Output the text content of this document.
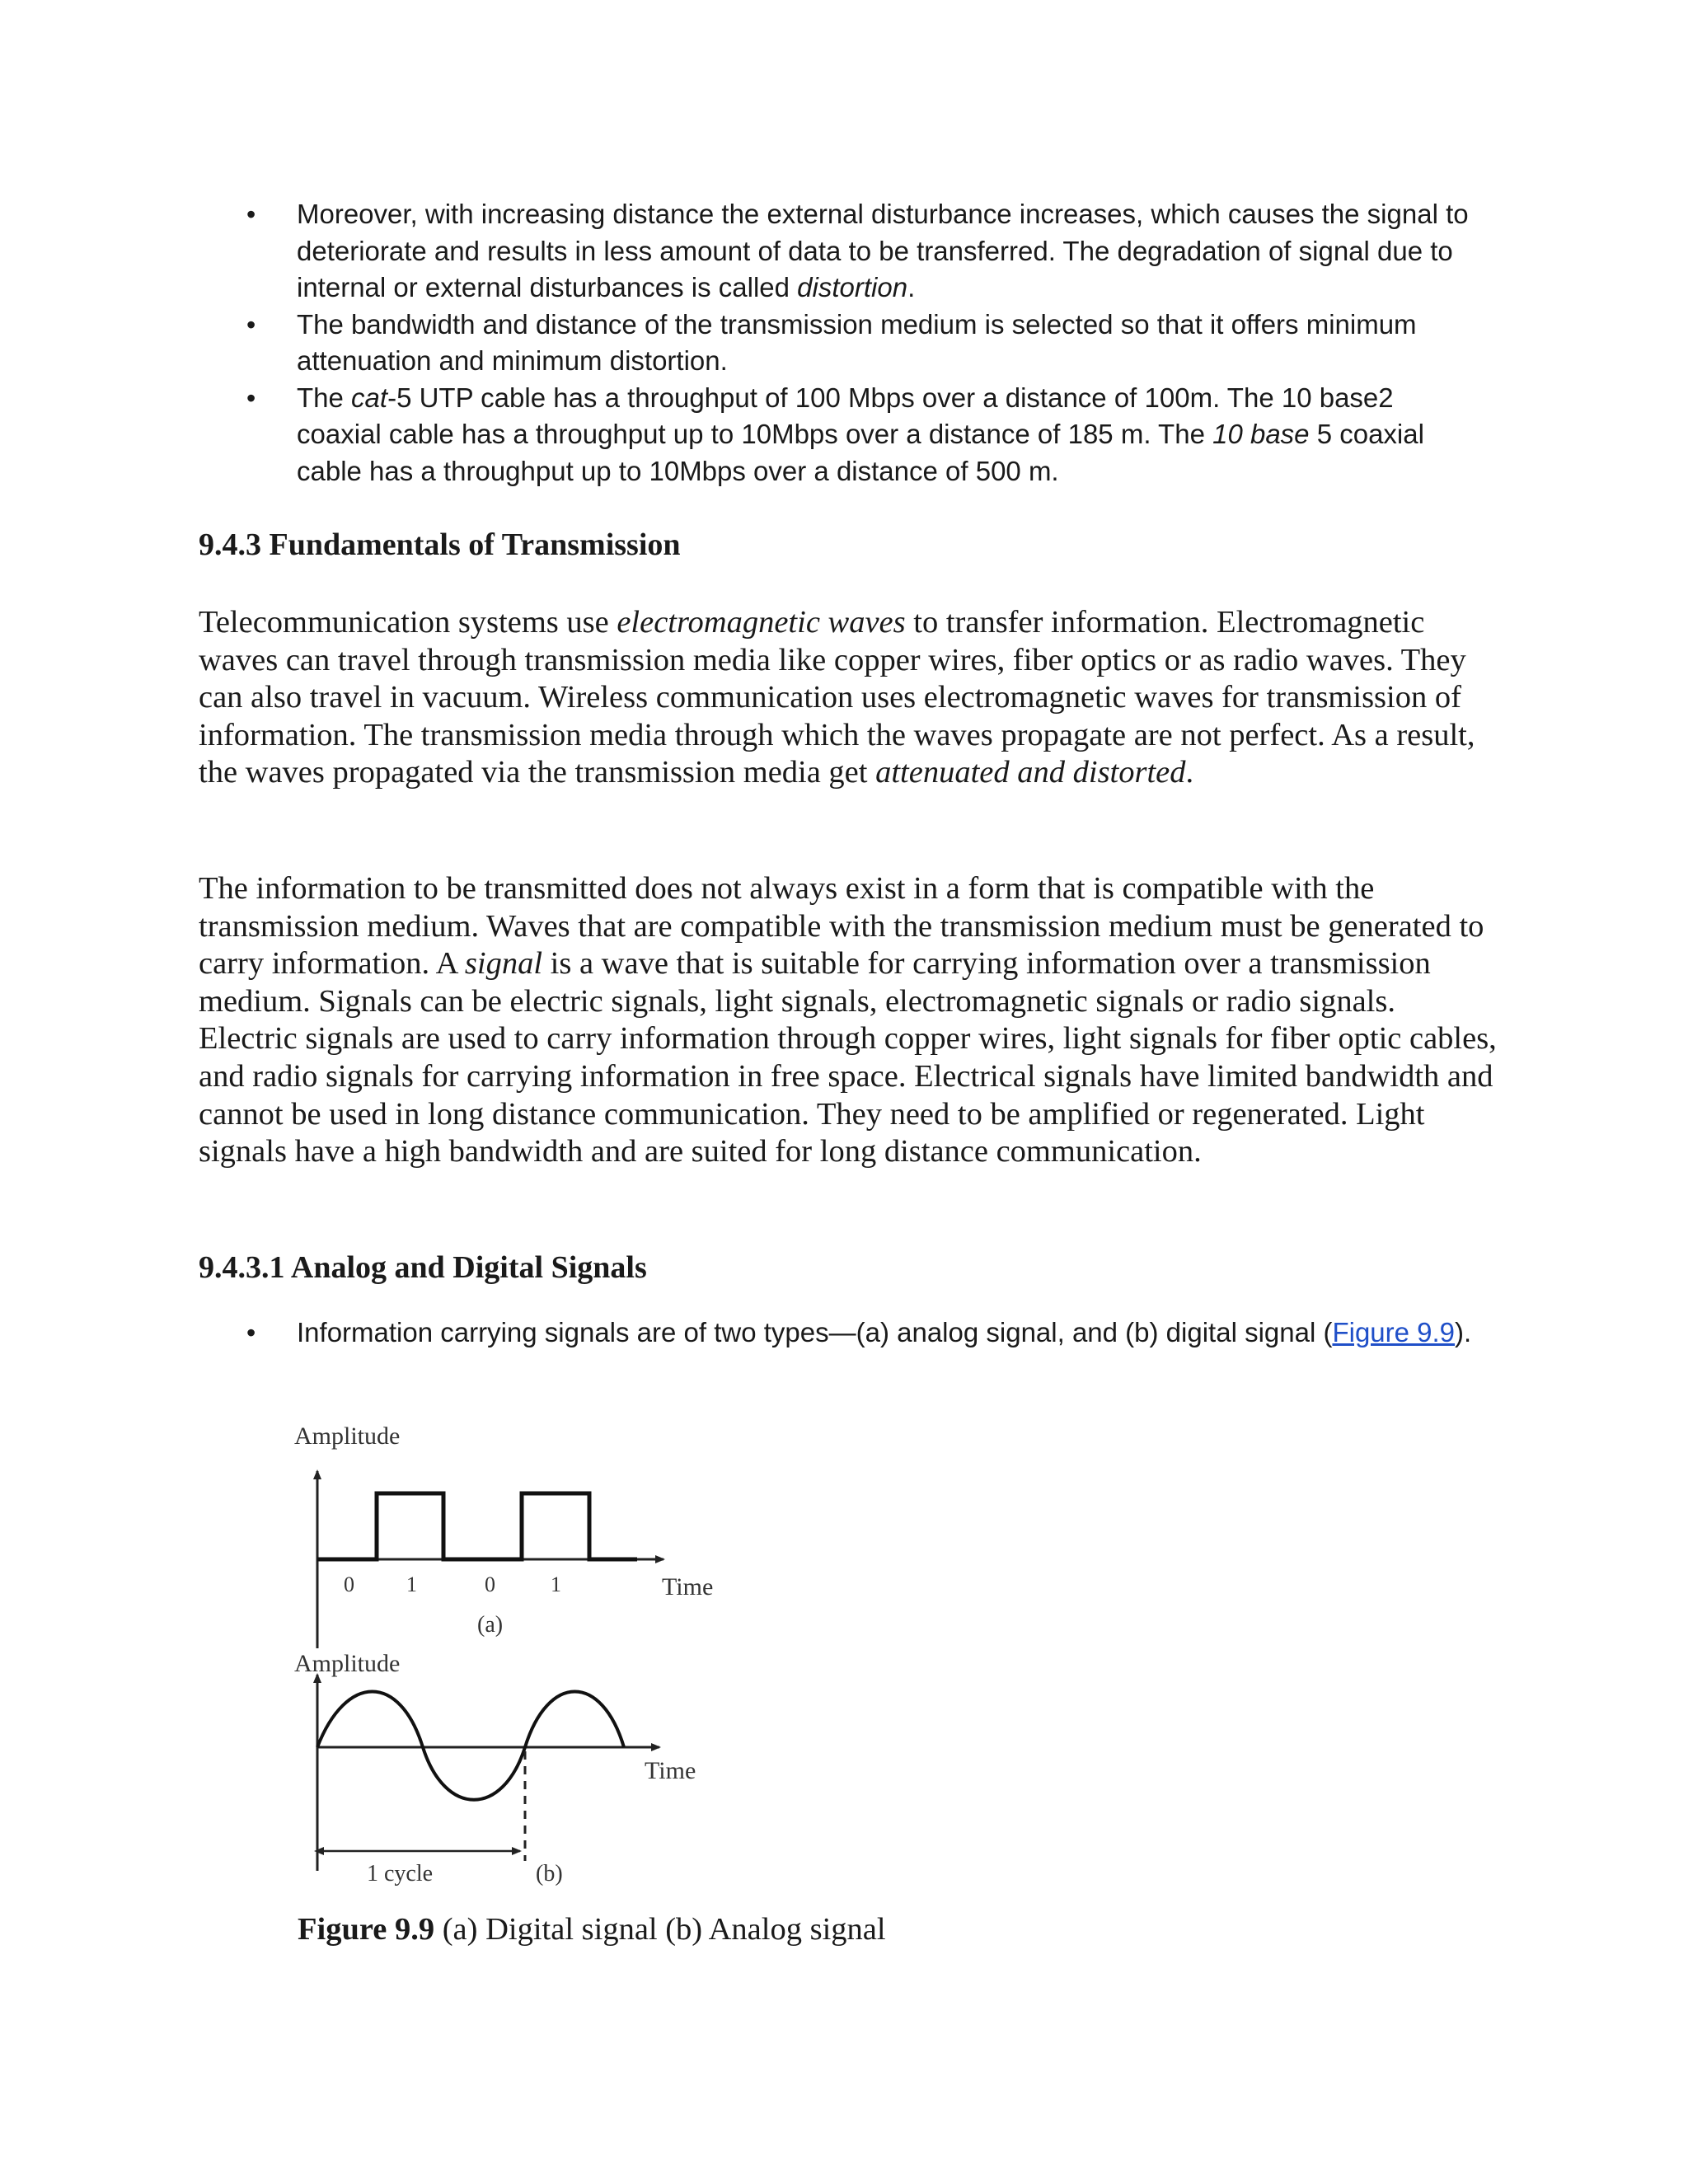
• Moreover, with increasing distance the external disturbance increases, which causes the signal to deteriorate and results in less amount of data to be transferred. The degradation of signal due to internal or external disturbances is called distortion.
• The bandwidth and distance of the transmission medium is selected so that it offers minimum attenuation and minimum distortion.
• The cat-5 UTP cable has a throughput of 100 Mbps over a distance of 100m. The 10 base2 coaxial cable has a throughput up to 10Mbps over a distance of 185 m. The 10 base 5 coaxial cable has a throughput up to 10Mbps over a distance of 500 m.
9.4.3 Fundamentals of Transmission

Telecommunication systems use electromagnetic waves to transfer information. Electromagnetic waves can travel through transmission media like copper wires, fiber optics or as radio waves. They can also travel in vacuum. Wireless communication uses electromagnetic waves for transmission of information. The transmission media through which the waves propagate are not perfect. As a result, the waves propagated via the transmission media get attenuated and distorted.

The information to be transmitted does not always exist in a form that is compatible with the transmission medium. Waves that are compatible with the transmission medium must be generated to carry information. A signal is a wave that is suitable for carrying information over a transmission medium. Signals can be electric signals, light signals, electromagnetic signals or radio signals. Electric signals are used to carry information through copper wires, light signals for fiber optic cables, and radio signals for carrying information in free space. Electrical signals have limited bandwidth and cannot be used in long distance communication. They need to be amplified or regenerated. Light signals have a high bandwidth and are suited for long distance communication.

9.4.3.1 Analog and Digital Signals
• Information carrying signals are of two types—(a) analog signal, and (b) digital signal (Figure 9.9).
Amplitude
0 1	0	1	Time
(a)
Amplitude
1 cycle
Time
(b)

Figure 9.9 (a) Digital signal (b) Analog signal
